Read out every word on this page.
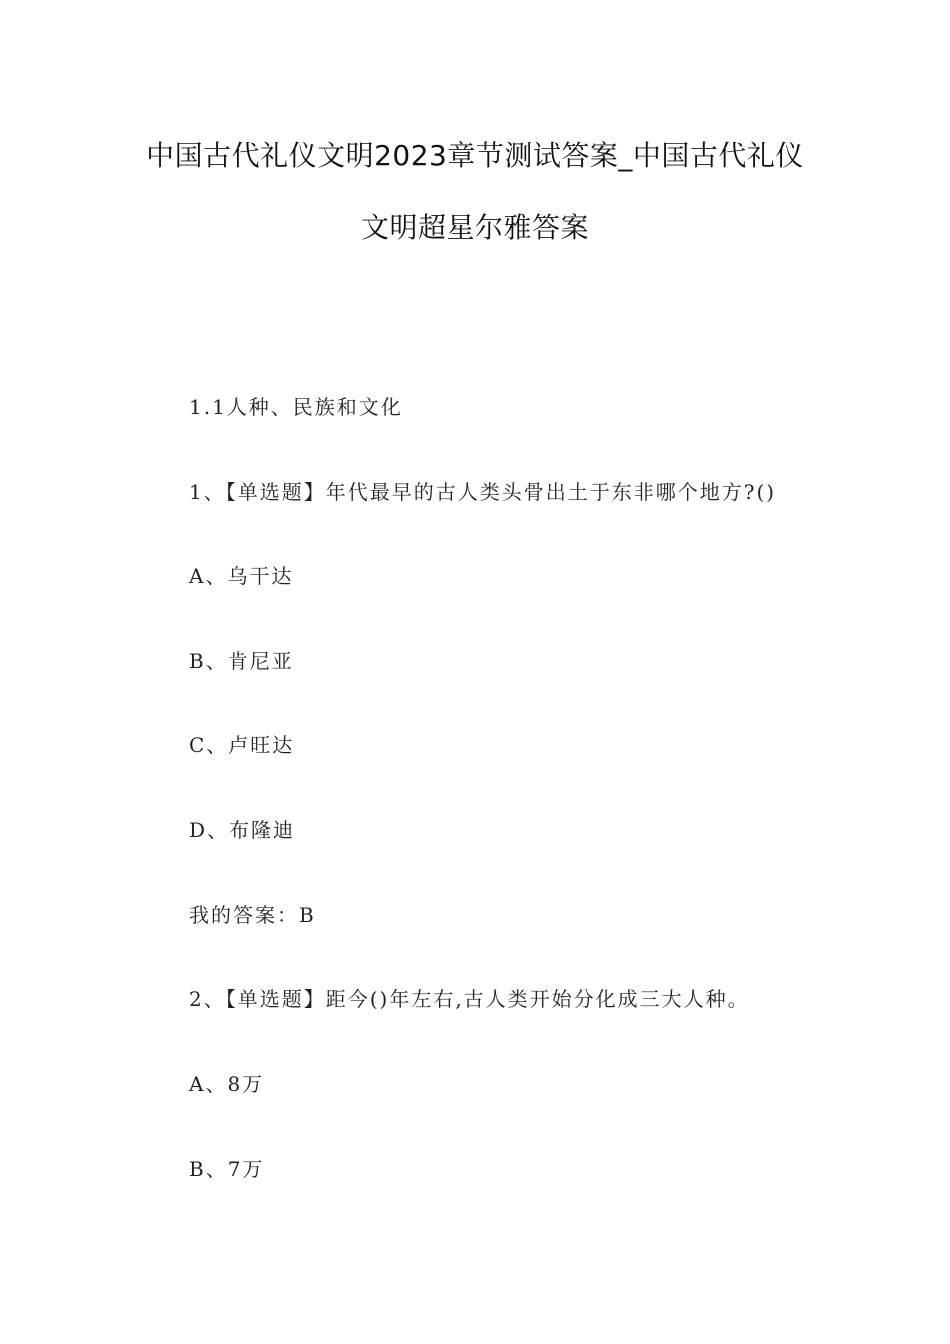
中国古代礼仪文明2023章节测试答案_中国古代礼仪
文明超星尔雅答案
1.1人种、民族和文化
1、【单选题】年代最早的古人类头骨出土于东非哪个地方?()
A、乌干达
B、肯尼亚
C、卢旺达
D、布隆迪
我的答案：B
2、【单选题】距今()年左右,古人类开始分化成三大人种。
A、8万
B、7万
